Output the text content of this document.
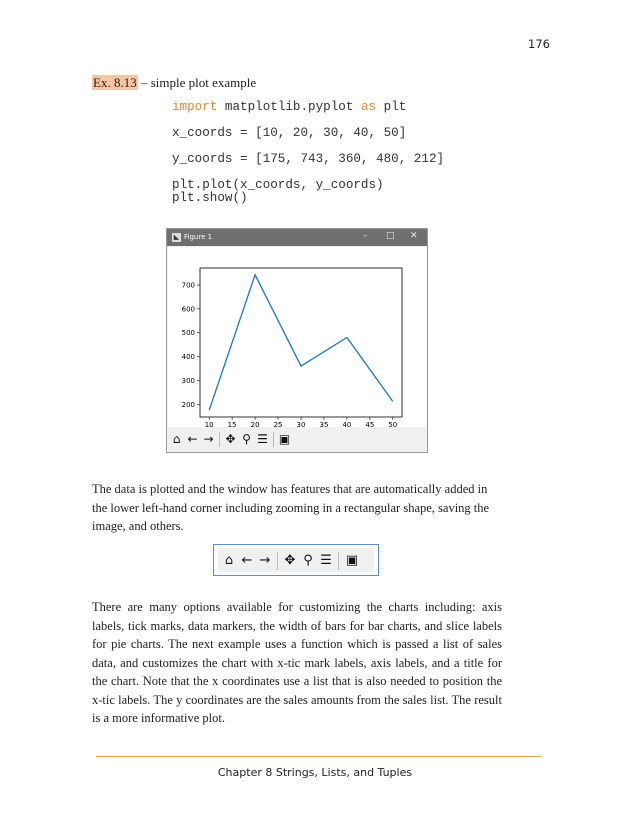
176
Ex. 8.13 – simple plot example
import matplotlib.pyplot as plt
x_coords = [10, 20, 30, 40, 50]
y_coords = [175, 743, 360, 480, 212]
plt.plot(x_coords, y_coords)
plt.show()
◣ Figure 1	– □ ✕
10 15 20 25 30 35 40 45 50
200
300
400
500
600
700
⌂ ← → ✥ ⚲ ☰ ▣

The data is plotted and the window has features that are automatically added in the lower left-hand corner including zooming in a rectangular shape, saving the image, and others.

⌂ ← → ✥ ⚲ ☰ ▣

There are many options available for customizing the charts including: axis labels, tick marks, data markers, the width of bars for bar charts, and slice labels for pie charts. The next example uses a function which is passed a list of sales data, and customizes the chart with x-tic mark labels, axis labels, and a title for the chart. Note that the x coordinates use a list that is also needed to position the x-tic labels. The y coordinates are the sales amounts from the sales list. The result is a more informative plot.

Chapter 8 Strings, Lists, and Tuples
